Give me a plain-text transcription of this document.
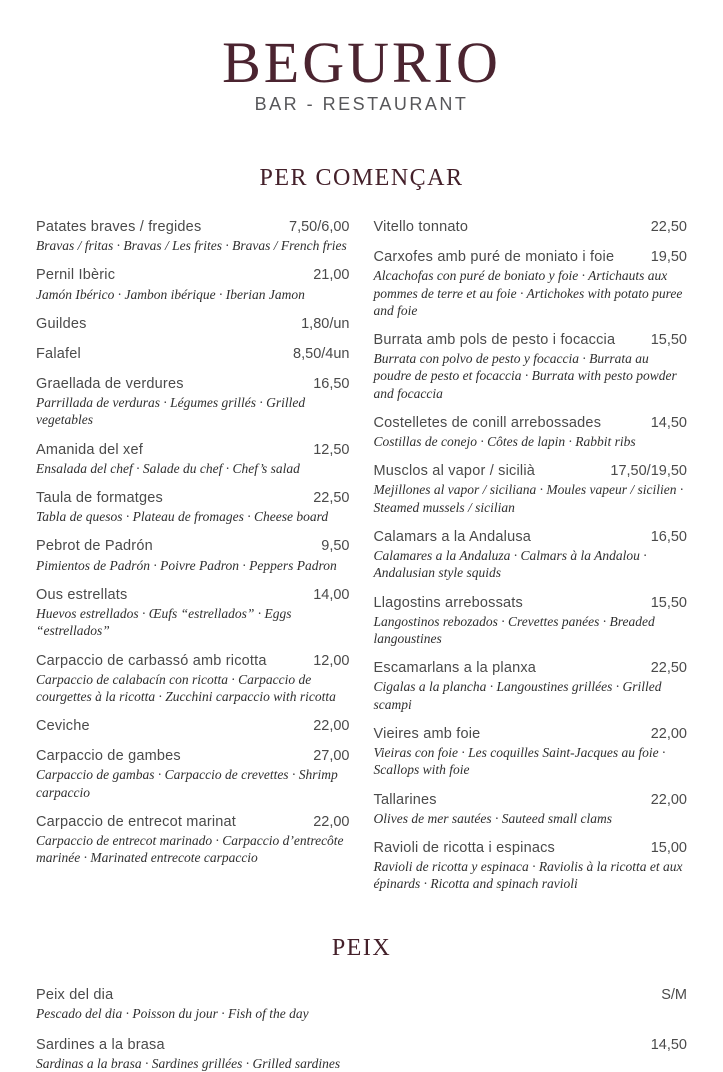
BEGURIO
BAR - RESTAURANT
PER COMENÇAR
Patates braves / fregides	7,50/6,00
Bravas / fritas · Bravas / Les frites · Bravas / French fries
Pernil Ibèric	21,00
Jamón Ibérico · Jambon ibérique · Iberian Jamon
Guildes	1,80/un
Falafel	8,50/4un
Graellada de verdures	16,50
Parrillada de verduras · Légumes grillés · Grilled vegetables
Amanida del xef	12,50
Ensalada del chef · Salade du chef · Chef’s salad
Taula de formatges	22,50
Tabla de quesos · Plateau de fromages · Cheese board
Pebrot de Padrón	9,50
Pimientos de Padrón · Poivre Padron · Peppers Padron
Ous estrellats	14,00
Huevos estrellados · Œufs “estrellados” · Eggs “estrellados”
Carpaccio de carbassó amb ricotta	12,00
Carpaccio de calabacín con ricotta · Carpaccio de courgettes à la ricotta · Zucchini carpaccio with ricotta
Ceviche	22,00
Carpaccio de gambes	27,00
Carpaccio de gambas · Carpaccio de crevettes · Shrimp carpaccio
Carpaccio de entrecot marinat	22,00
Carpaccio de entrecot marinado · Carpaccio d’entrecôte marinée · Marinated entrecote carpaccio
Vitello tonnato	22,50
Carxofes amb puré de moniato i foie	19,50
Alcachofas con puré de boniato y foie · Artichauts aux pommes de terre et au foie · Artichokes with potato puree and foie
Burrata amb pols de pesto i focaccia 15,50
Burrata con polvo de pesto y focaccia · Burrata au poudre de pesto et focaccia · Burrata with pesto powder and focaccia
Costelletes de conill arrebossades	14,50
Costillas de conejo · Côtes de lapin · Rabbit ribs
Musclos al vapor / sicilià	17,50/19,50
Mejillones al vapor / siciliana · Moules vapeur / sicilien · Steamed mussels / sicilian
Calamars a la Andalusa	16,50
Calamares a la Andaluza · Calmars à la Andalou · Andalusian style squids
Llagostins arrebossats	15,50
Langostinos rebozados · Crevettes panées · Breaded langoustines
Escamarlans a la planxa	22,50
Cigalas a la plancha · Langoustines grillées · Grilled scampi
Vieires amb foie	22,00
Vieiras con foie · Les coquilles Saint-Jacques au foie · Scallops with foie
Tallarines	22,00
Olives de mer sautées · Sauteed small clams
Ravioli de ricotta i espinacs	15,00
Ravioli de ricotta y espinaca · Raviolis à la ricotta et aux épinards · Ricotta and spinach ravioli
PEIX
Peix del dia	S/M
Pescado del dia · Poisson du jour · Fish of the day
Sardines a la brasa	14,50
Sardinas a la brasa · Sardines grillées · Grilled sardines
